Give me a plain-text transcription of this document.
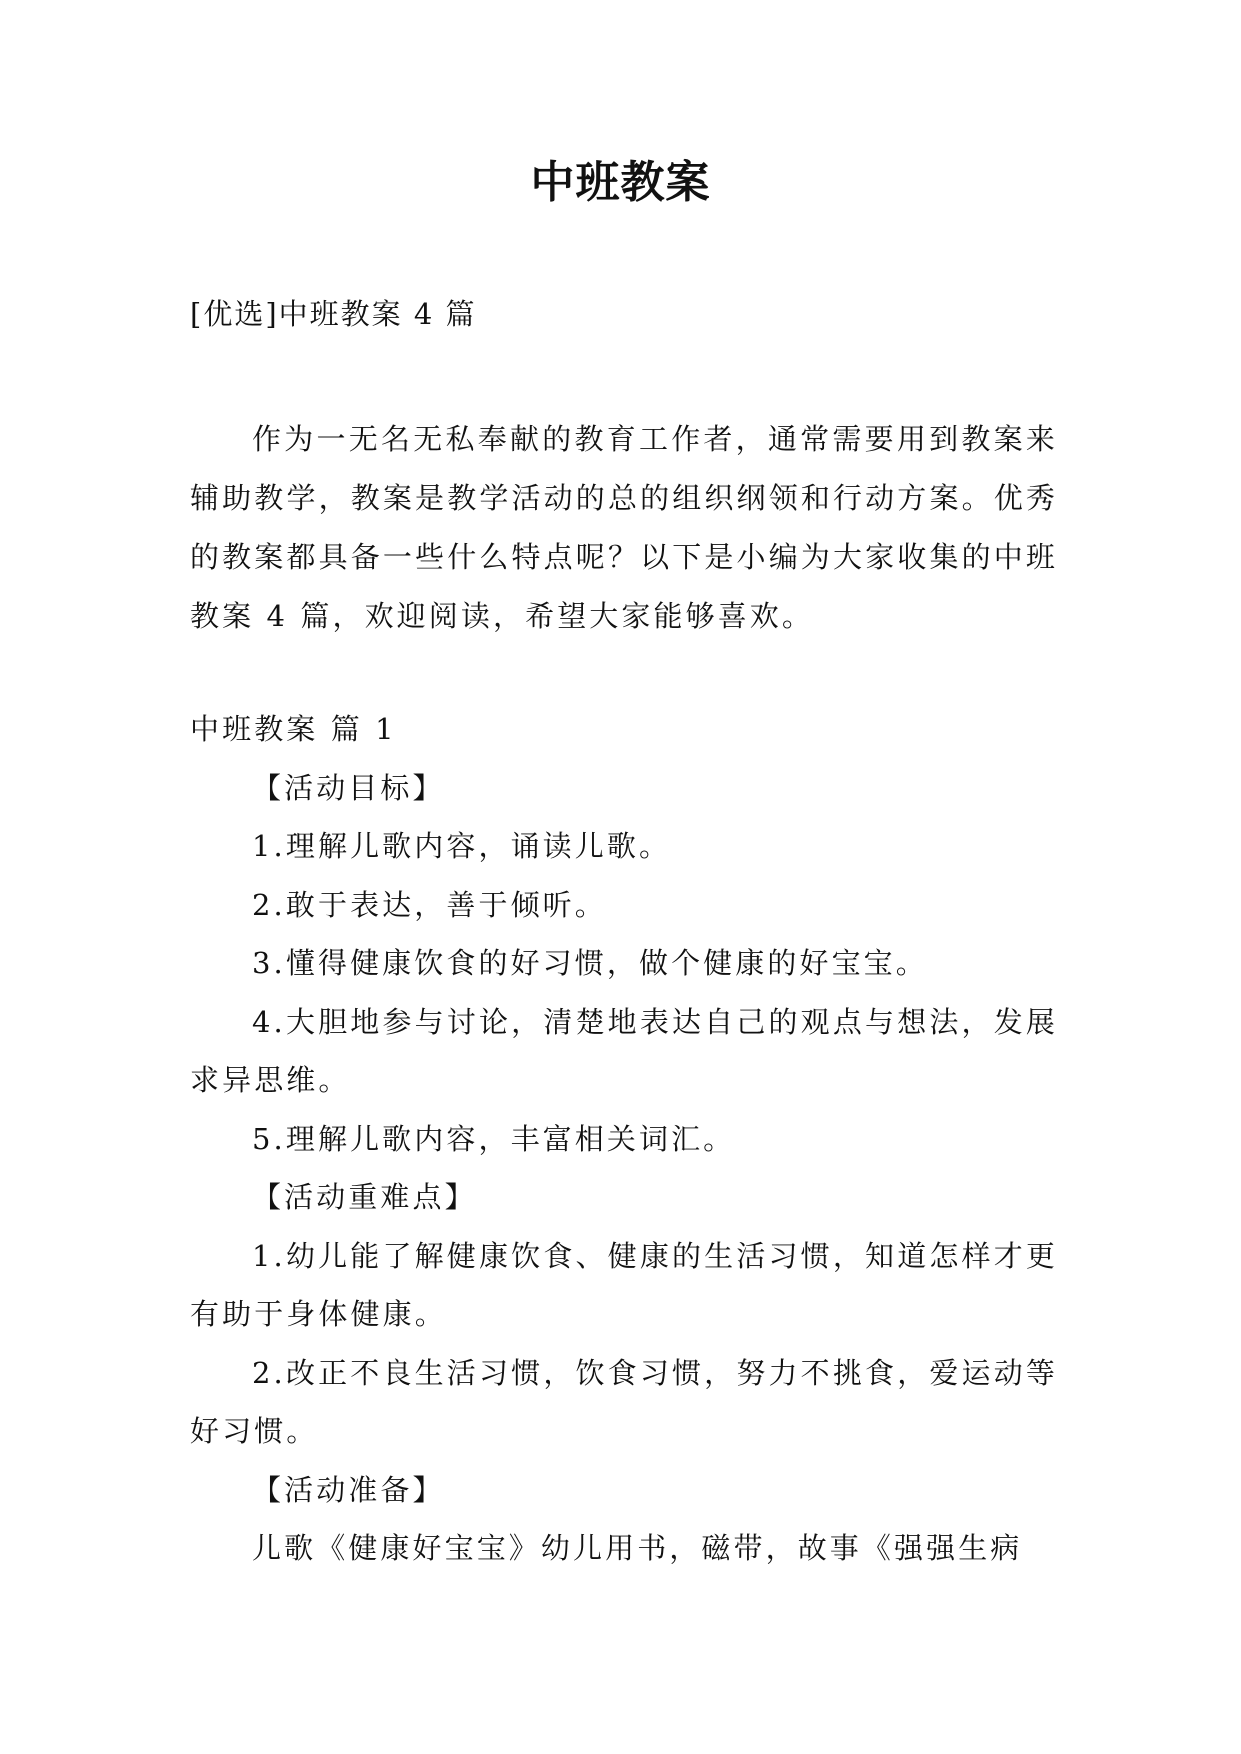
中班教案
[优选]中班教案 4 篇
作为一无名无私奉献的教育工作者，通常需要用到教案来辅助教学，教案是教学活动的总的组织纲领和行动方案。优秀的教案都具备一些什么特点呢？以下是小编为大家收集的中班教案 4 篇，欢迎阅读，希望大家能够喜欢。

中班教案 篇 1

【活动目标】

1.理解儿歌内容，诵读儿歌。

2.敢于表达，善于倾听。

3.懂得健康饮食的好习惯，做个健康的好宝宝。

4.大胆地参与讨论，清楚地表达自己的观点与想法，发展求异思维。

5.理解儿歌内容，丰富相关词汇。

【活动重难点】

1.幼儿能了解健康饮食、健康的生活习惯，知道怎样才更有助于身体健康。

2.改正不良生活习惯，饮食习惯，努力不挑食，爱运动等好习惯。

【活动准备】

儿歌《健康好宝宝》幼儿用书，磁带，故事《强强生病
